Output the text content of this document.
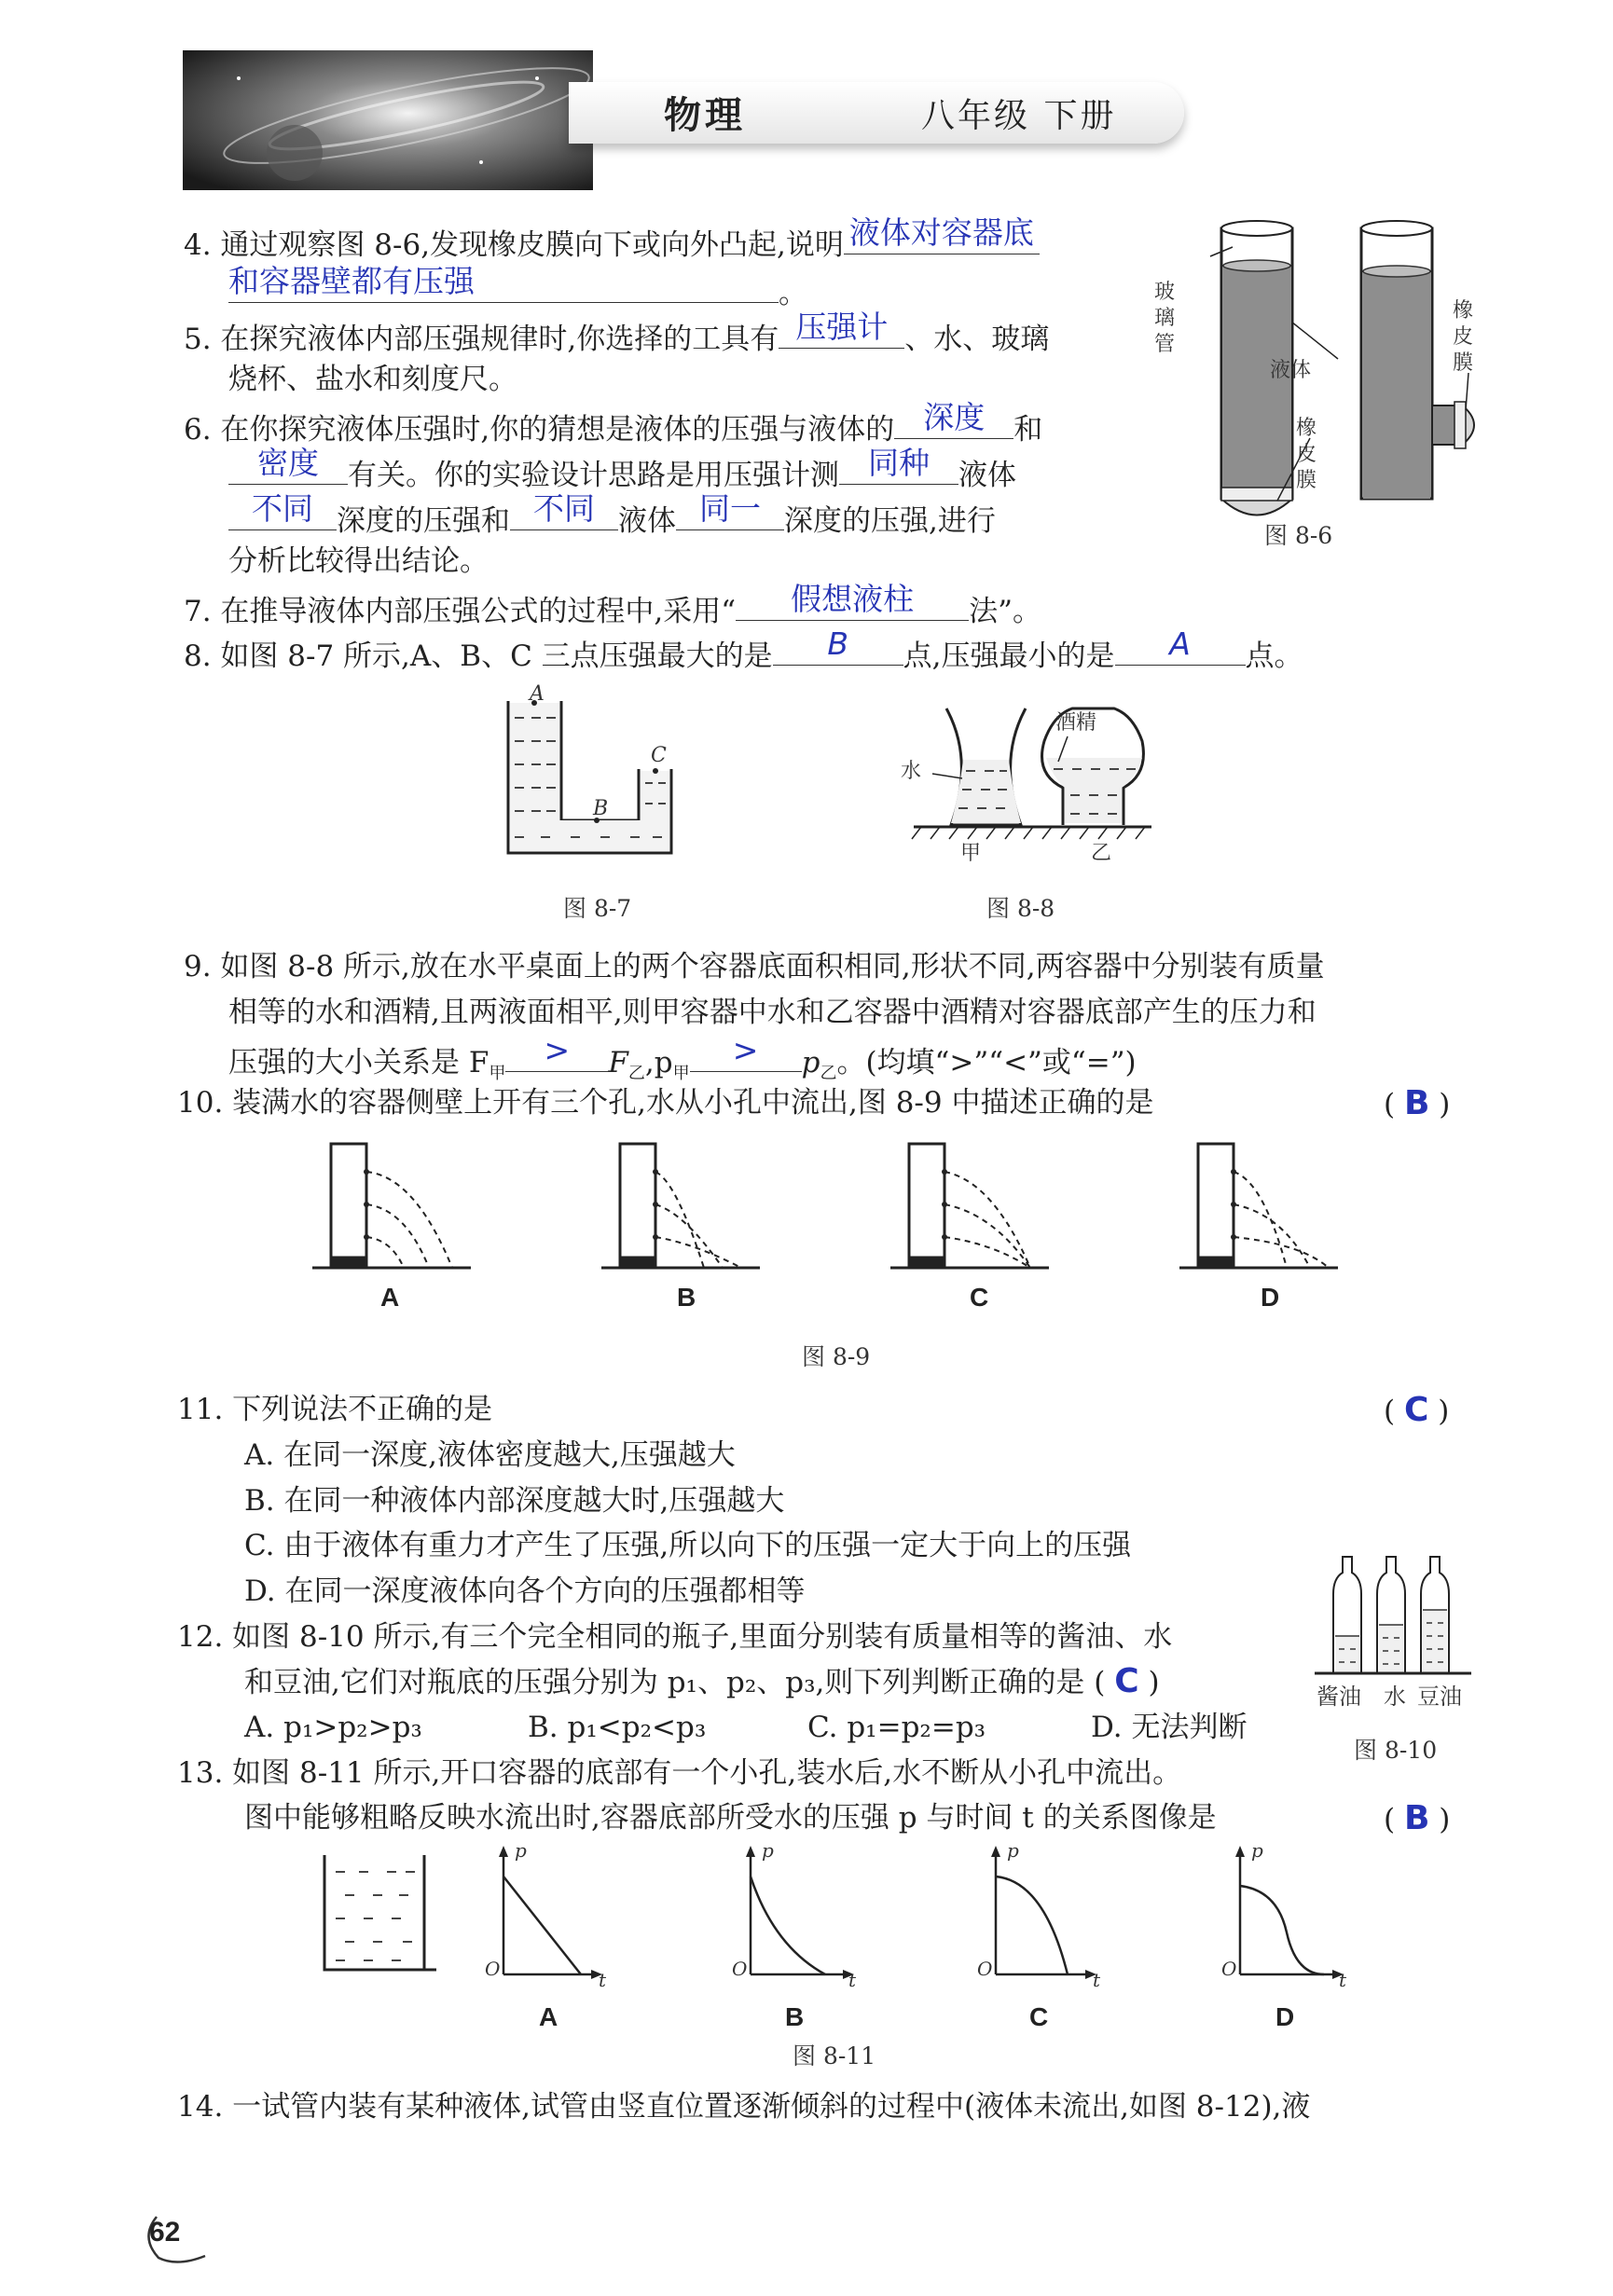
物理	八年级 下册
4. 通过观察图 8-6,发现橡皮膜向下或向外凸起,说明 液体对容器底
和容器壁都有压强	。
5. 在探究液体内部压强规律时,你选择的工具有 压强计 、水、玻璃
烧杯、盐水和刻度尺。
6. 在你探究液体压强时,你的猜想是液体的压强与液体的 深度	和
密度	有关。你的实验设计思路是用压强计测 同种	液体
不同 深度的压强和 不同 液体 同一 深度的压强,进行
分析比较得出结论。
7. 在推导液体内部压强公式的过程中,采用“	假想液柱	法”。
8. 如图 8-7 所示,A、B、C 三点压强最大的是	B	点,压强最小的是	A	点。
玻璃管
液体
橡皮膜
橡皮膜
图 8-6
A
B
C
图 8-7
水
酒精
甲	乙
图 8-8
9. 如图 8-8 所示,放在水平桌面上的两个容器底面积相同,形状不同,两容器中分别装有质量
相等的水和酒精,且两液面相平,则甲容器中水和乙容器中酒精对容器底部产生的压力和
压强的大小关系是 $F_甲$
>	$F_乙,p_甲$
>	$p_乙$。(均填“>”“<”或“=”)
10. 装满水的容器侧壁上开有三个孔,水从小孔中流出,图 8-9 中描述正确的是	( B )
A	B	C	D
图 8-9
11. 下列说法不正确的是	( C )
A. 在同一深度,液体密度越大,压强越大
B. 在同一种液体内部深度越大时,压强越大
C. 由于液体有重力才产生了压强,所以向下的压强一定大于向上的压强
D. 在同一深度液体向各个方向的压强都相等
酱油 水 豆油
图 8-10
12. 如图 8-10 所示,有三个完全相同的瓶子,里面分别装有质量相等的酱油、水
和豆油,它们对瓶底的压强分别为 p₁、p₂、p₃,则下列判断正确的是 ( C )
A. p₁>p₂>p₃	B. p₁<p₂<p₃	C. p₁=p₂=p₃	D. 无法判断
13. 如图 8-11 所示,开口容器的底部有一个小孔,装水后,水不断从小孔中流出。
图中能够粗略反映水流出时,容器底部所受水的压强 p 与时间 t 的关系图像是	( B )
p	p	p	p
t	t	t	t
O	O	O	O
A	B	C	D
图 8-11
14. 一试管内装有某种液体,试管由竖直位置逐渐倾斜的过程中(液体未流出,如图 8-12),液
62
